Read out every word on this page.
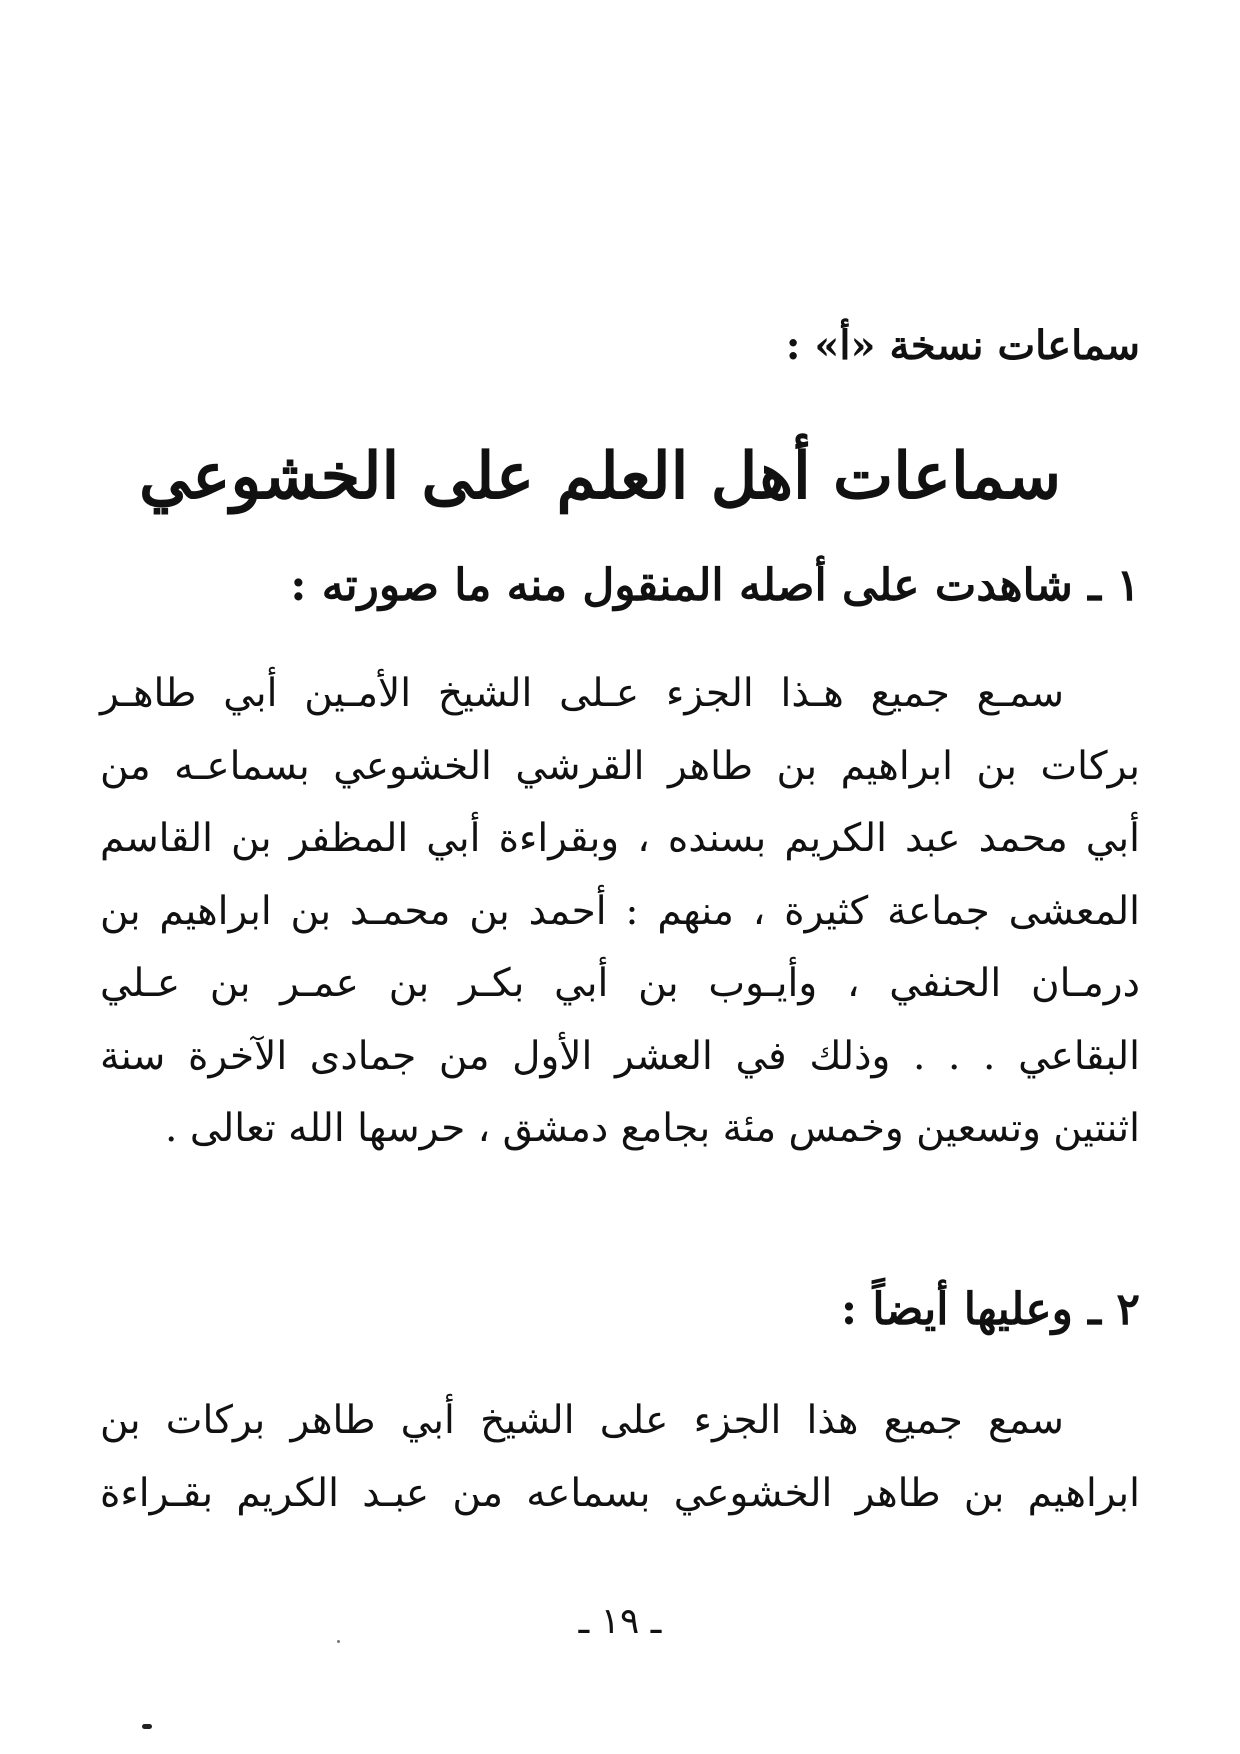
سماعات نسخة «أ» :
سماعات أهل العلم على الخشوعي
١ ـ شاهدت على أصله المنقول منه ما صورته :
سمـع جميع هـذا الجزء عـلى الشيخ الأمـين أبي طاهـر
بركات بن ابراهيم بن طاهر القرشي الخشوعي بسماعـه من
أبي محمد عبد الكريم بسنده ، وبقراءة أبي المظفر بن القاسم
المعشى جماعة كثيرة ، منهم : أحمد بن محمـد بن ابراهيم بن
درمـان الحنفي ، وأيـوب بن أبي بكـر بن عمـر بن عـلي
البقاعي . . . وذلك في العشر الأول من جمادى الآخرة سنة
اثنتين وتسعين وخمس مئة بجامع دمشق ، حرسها الله تعالى .
٢ ـ وعليها أيضاً :
سمع جميع هذا الجزء على الشيخ أبي طاهر بركات بن
ابراهيم بن طاهر الخشوعي بسماعه من عبـد الكريم بقـراءة
ـ ١٩ ـ
